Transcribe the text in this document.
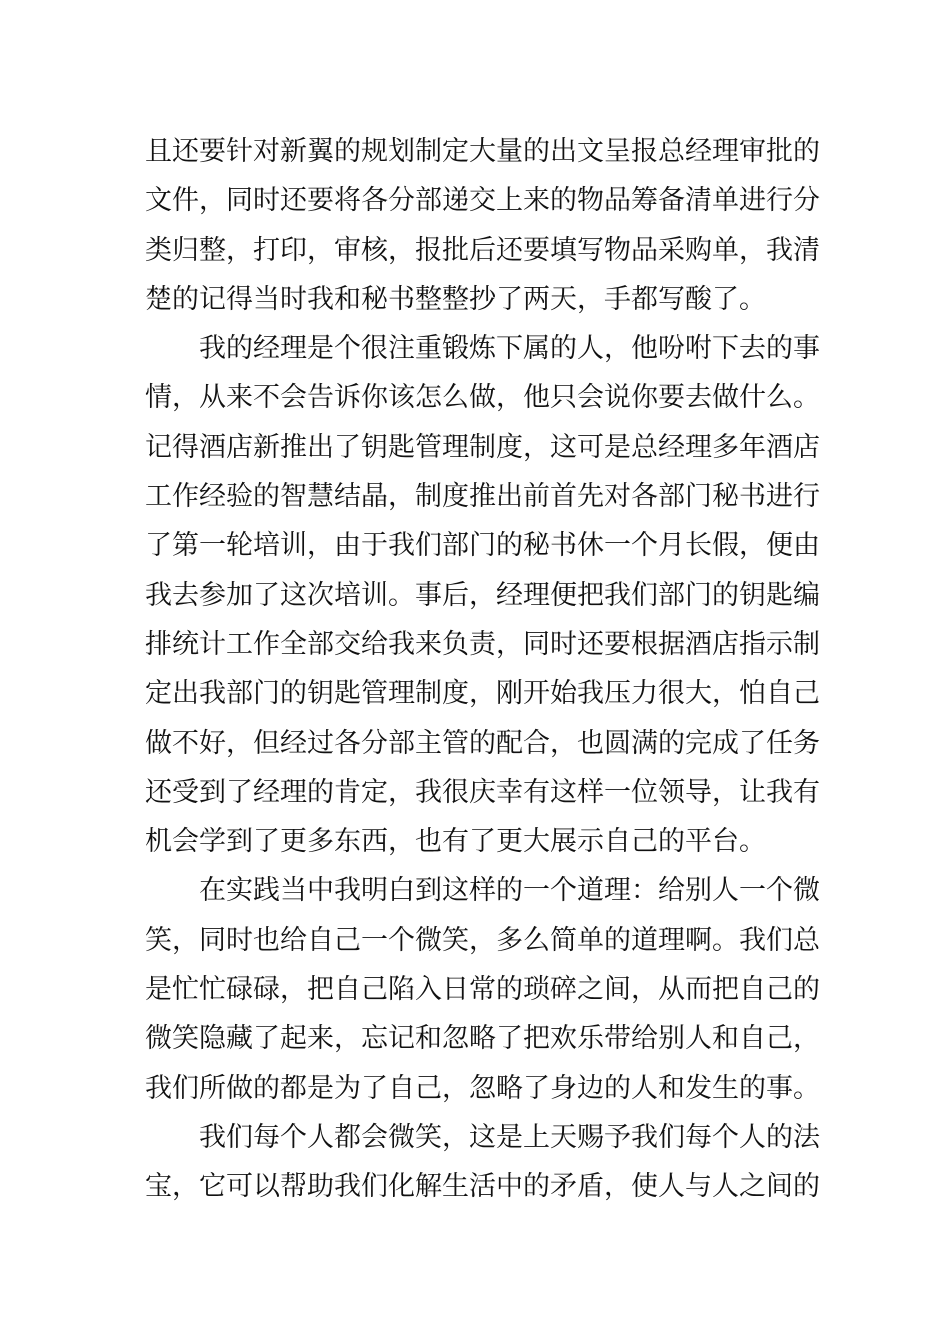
且还要针对新翼的规划制定大量的出文呈报总经理审批的
文件，同时还要将各分部递交上来的物品筹备清单进行分
类归整，打印，审核，报批后还要填写物品采购单，我清
楚的记得当时我和秘书整整抄了两天，手都写酸了。
我的经理是个很注重锻炼下属的人，他吩咐下去的事
情，从来不会告诉你该怎么做，他只会说你要去做什么。
记得酒店新推出了钥匙管理制度，这可是总经理多年酒店
工作经验的智慧结晶，制度推出前首先对各部门秘书进行
了第一轮培训，由于我们部门的秘书休一个月长假，便由
我去参加了这次培训。事后，经理便把我们部门的钥匙编
排统计工作全部交给我来负责，同时还要根据酒店指示制
定出我部门的钥匙管理制度，刚开始我压力很大，怕自己
做不好，但经过各分部主管的配合，也圆满的完成了任务
还受到了经理的肯定，我很庆幸有这样一位领导，让我有
机会学到了更多东西，也有了更大展示自己的平台。
在实践当中我明白到这样的一个道理：给别人一个微
笑，同时也给自己一个微笑，多么简单的道理啊。我们总
是忙忙碌碌，把自己陷入日常的琐碎之间，从而把自己的
微笑隐藏了起来，忘记和忽略了把欢乐带给别人和自己，
我们所做的都是为了自己，忽略了身边的人和发生的事。
我们每个人都会微笑，这是上天赐予我们每个人的法
宝，它可以帮助我们化解生活中的矛盾，使人与人之间的
